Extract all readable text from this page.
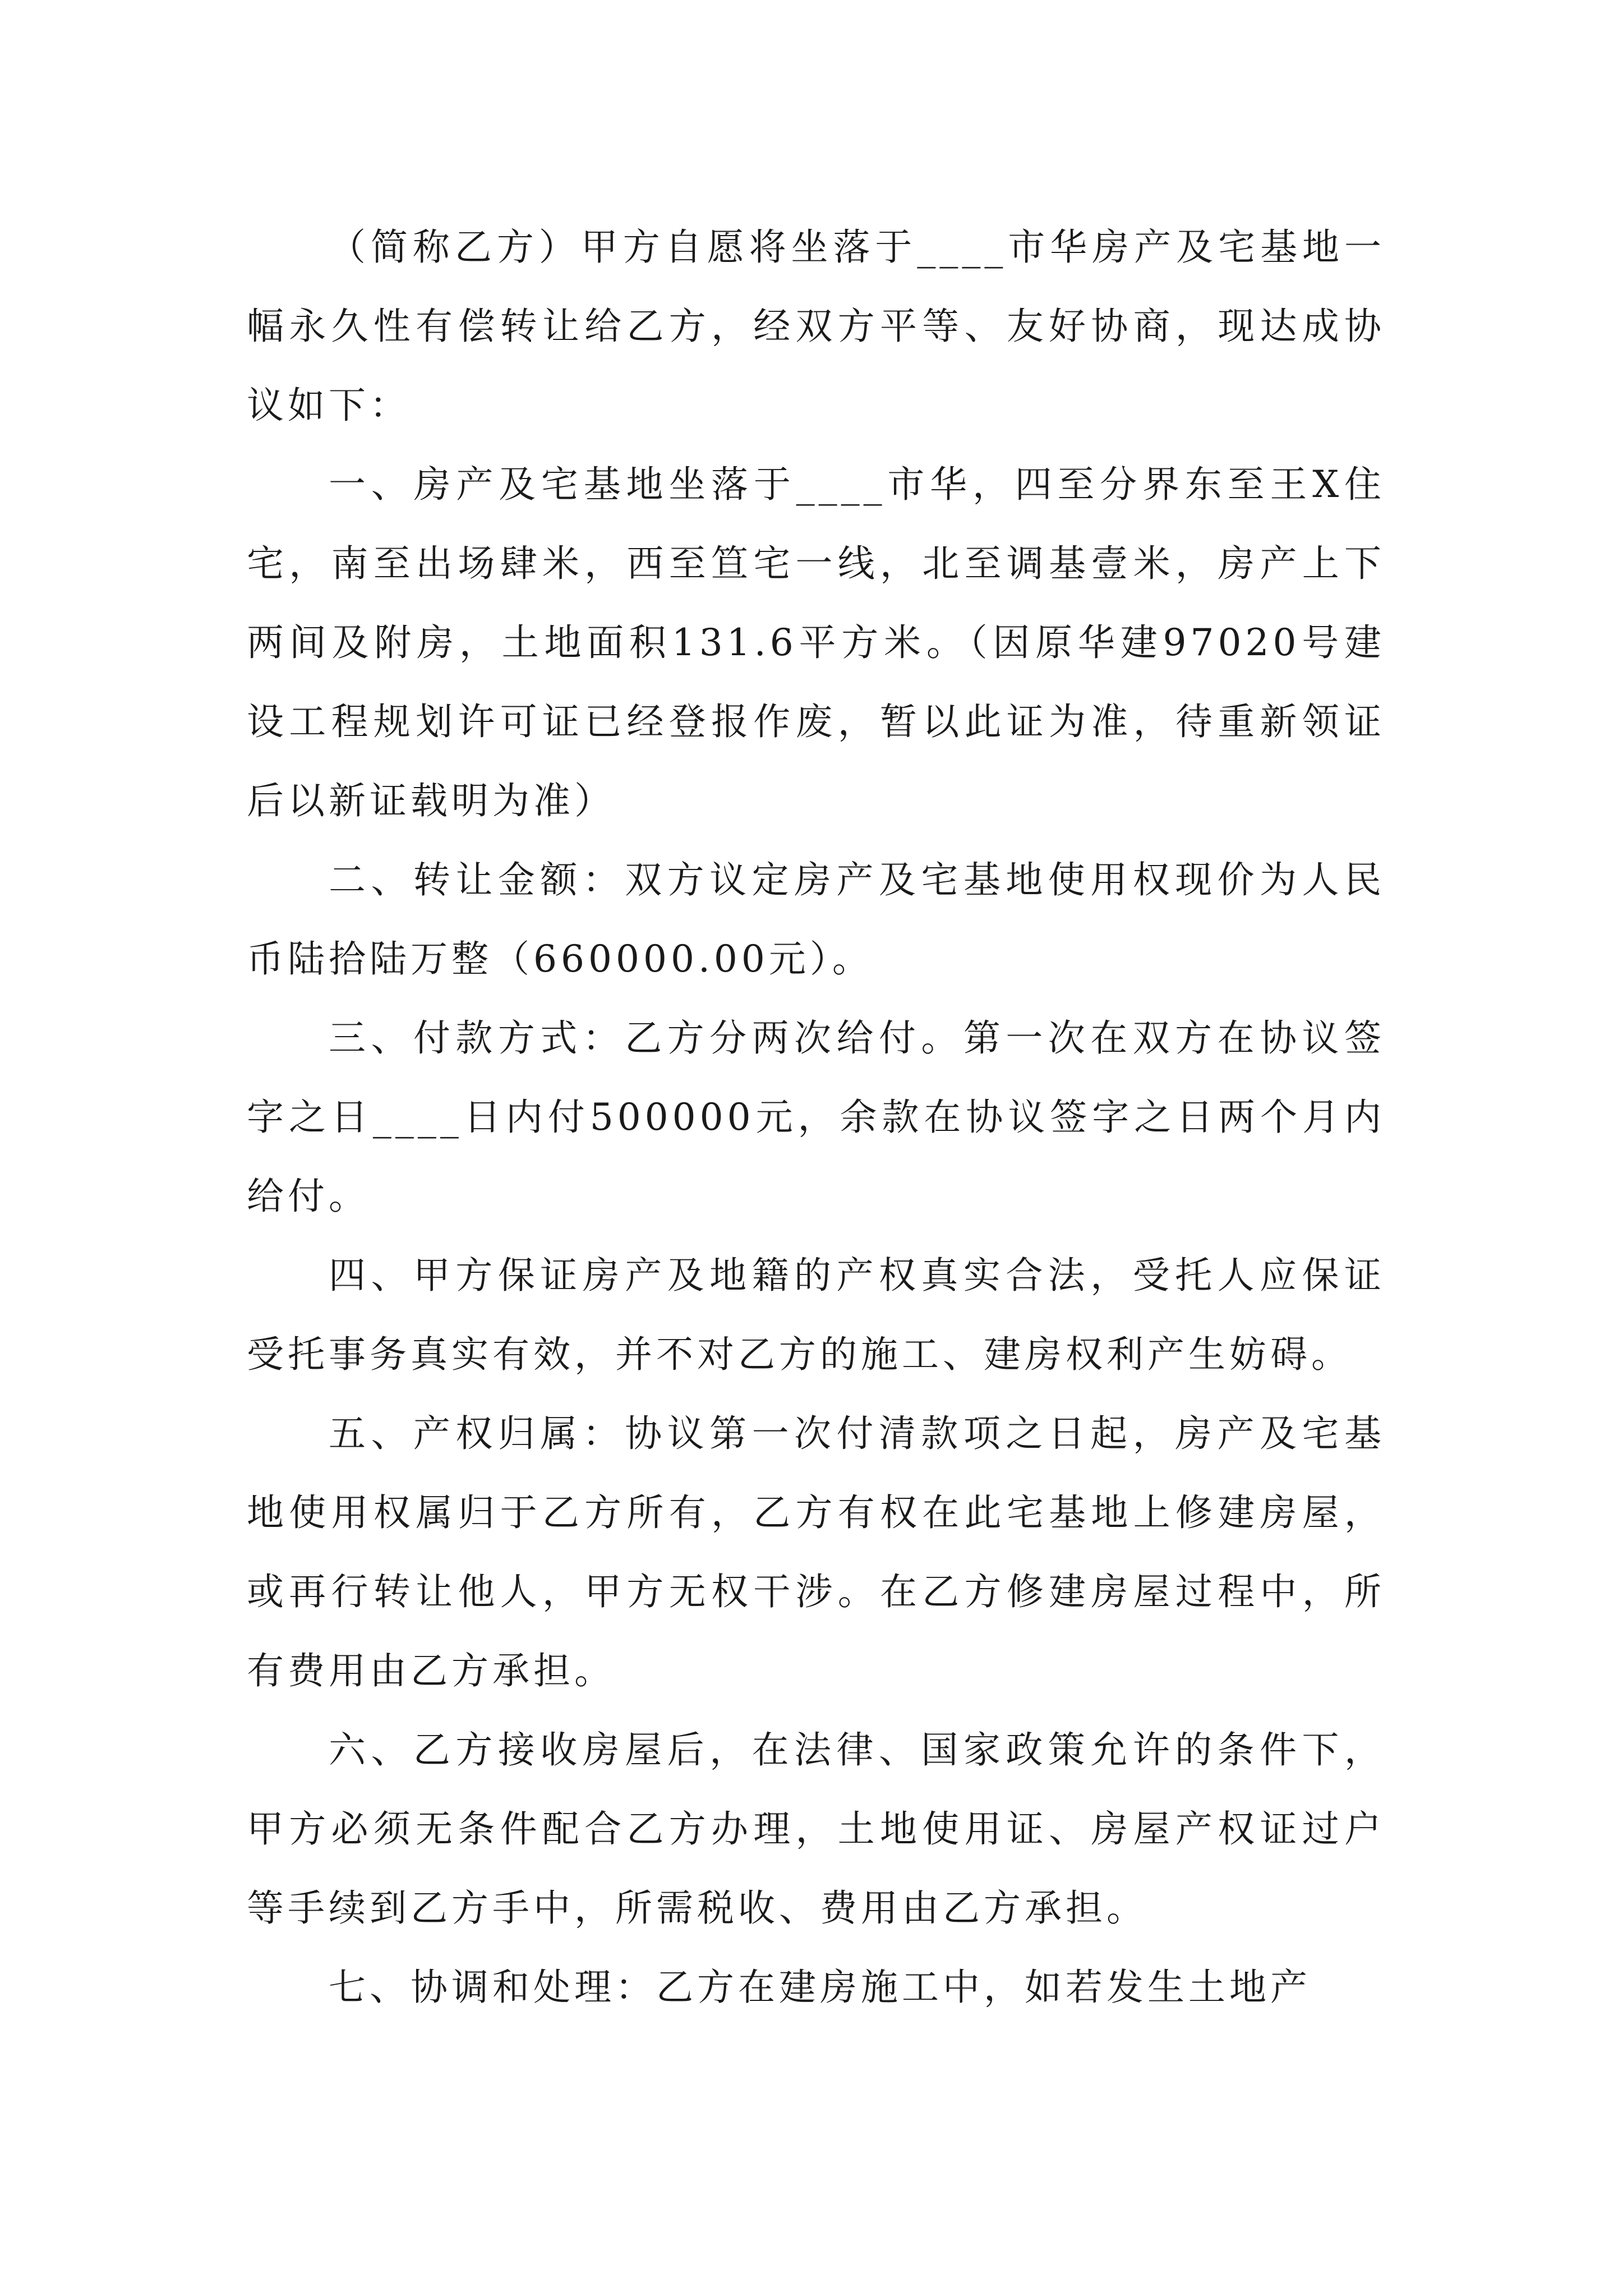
（简称乙方）甲方自愿将坐落于____市华房产及宅基地一幅永久性有偿转让给乙方，经双方平等、友好协商，现达成协议如下：

一、房产及宅基地坐落于____市华，四至分界东至王X住宅，南至出场肆米，西至笪宅一线，北至调基壹米，房产上下两间及附房，土地面积131.6平方米。（因原华建97020号建设工程规划许可证已经登报作废，暂以此证为准，待重新领证后以新证载明为准）

二、转让金额：双方议定房产及宅基地使用权现价为人民币陆拾陆万整（660000.00元）。

三、付款方式：乙方分两次给付。第一次在双方在协议签字之日____日内付500000元，余款在协议签字之日两个月内给付。

四、甲方保证房产及地籍的产权真实合法，受托人应保证受托事务真实有效，并不对乙方的施工、建房权利产生妨碍。

五、产权归属：协议第一次付清款项之日起，房产及宅基地使用权属归于乙方所有，乙方有权在此宅基地上修建房屋，或再行转让他人，甲方无权干涉。在乙方修建房屋过程中，所有费用由乙方承担。

六、乙方接收房屋后，在法律、国家政策允许的条件下，甲方必须无条件配合乙方办理，土地使用证、房屋产权证过户等手续到乙方手中，所需税收、费用由乙方承担。

七、协调和处理：乙方在建房施工中，如若发生土地产
